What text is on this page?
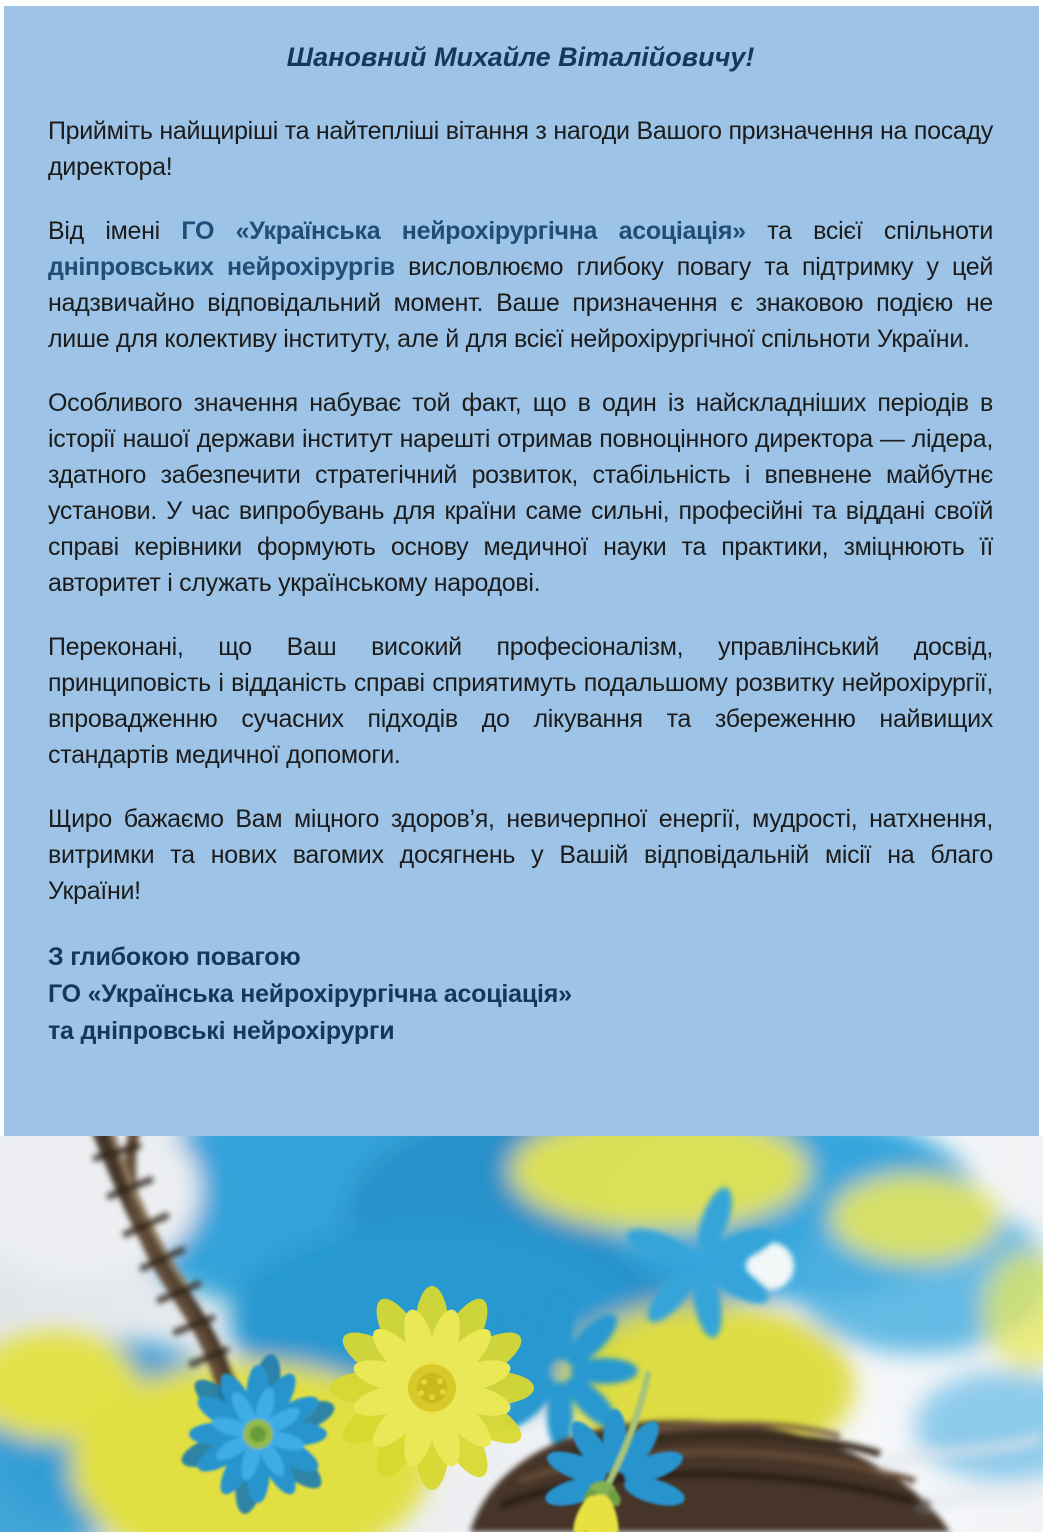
Шановний Михайле Віталійовичу!

Прийміть найщиріші та найтепліші вітання з нагоди Вашого призначення на посаду директора!

Від імені ГО «Українська нейрохірургічна асоціація» та всієї спільноти дніпровських нейрохірургів висловлюємо глибоку повагу та підтримку у цей надзвичайно відповідальний момент. Ваше призначення є знаковою подією не лише для колективу інституту, але й для всієї нейрохірургічної спільноти України.

Особливого значення набуває той факт, що в один із найскладніших періодів в історії нашої держави інститут нарешті отримав повноцінного директора — лідера, здатного забезпечити стратегічний розвиток, стабільність і впевнене майбутнє установи. У час випробувань для країни саме сильні, професійні та віддані своїй справі керівники формують основу медичної науки та практики, зміцнюють її авторитет і служать українському народові.

Переконані, що Ваш високий професіоналізм, управлінський досвід, принциповість і відданість справі сприятимуть подальшому розвитку нейрохірургії, впровадженню сучасних підходів до лікування та збереженню найвищих стандартів медичної допомоги.

Щиро бажаємо Вам міцного здоров’я, невичерпної енергії, мудрості, натхнення, витримки та нових вагомих досягнень у Вашій відповідальній місії на благо України!

З глибокою повагою
ГО «Українська нейрохірургічна асоціація»
та дніпровські нейрохірурги
